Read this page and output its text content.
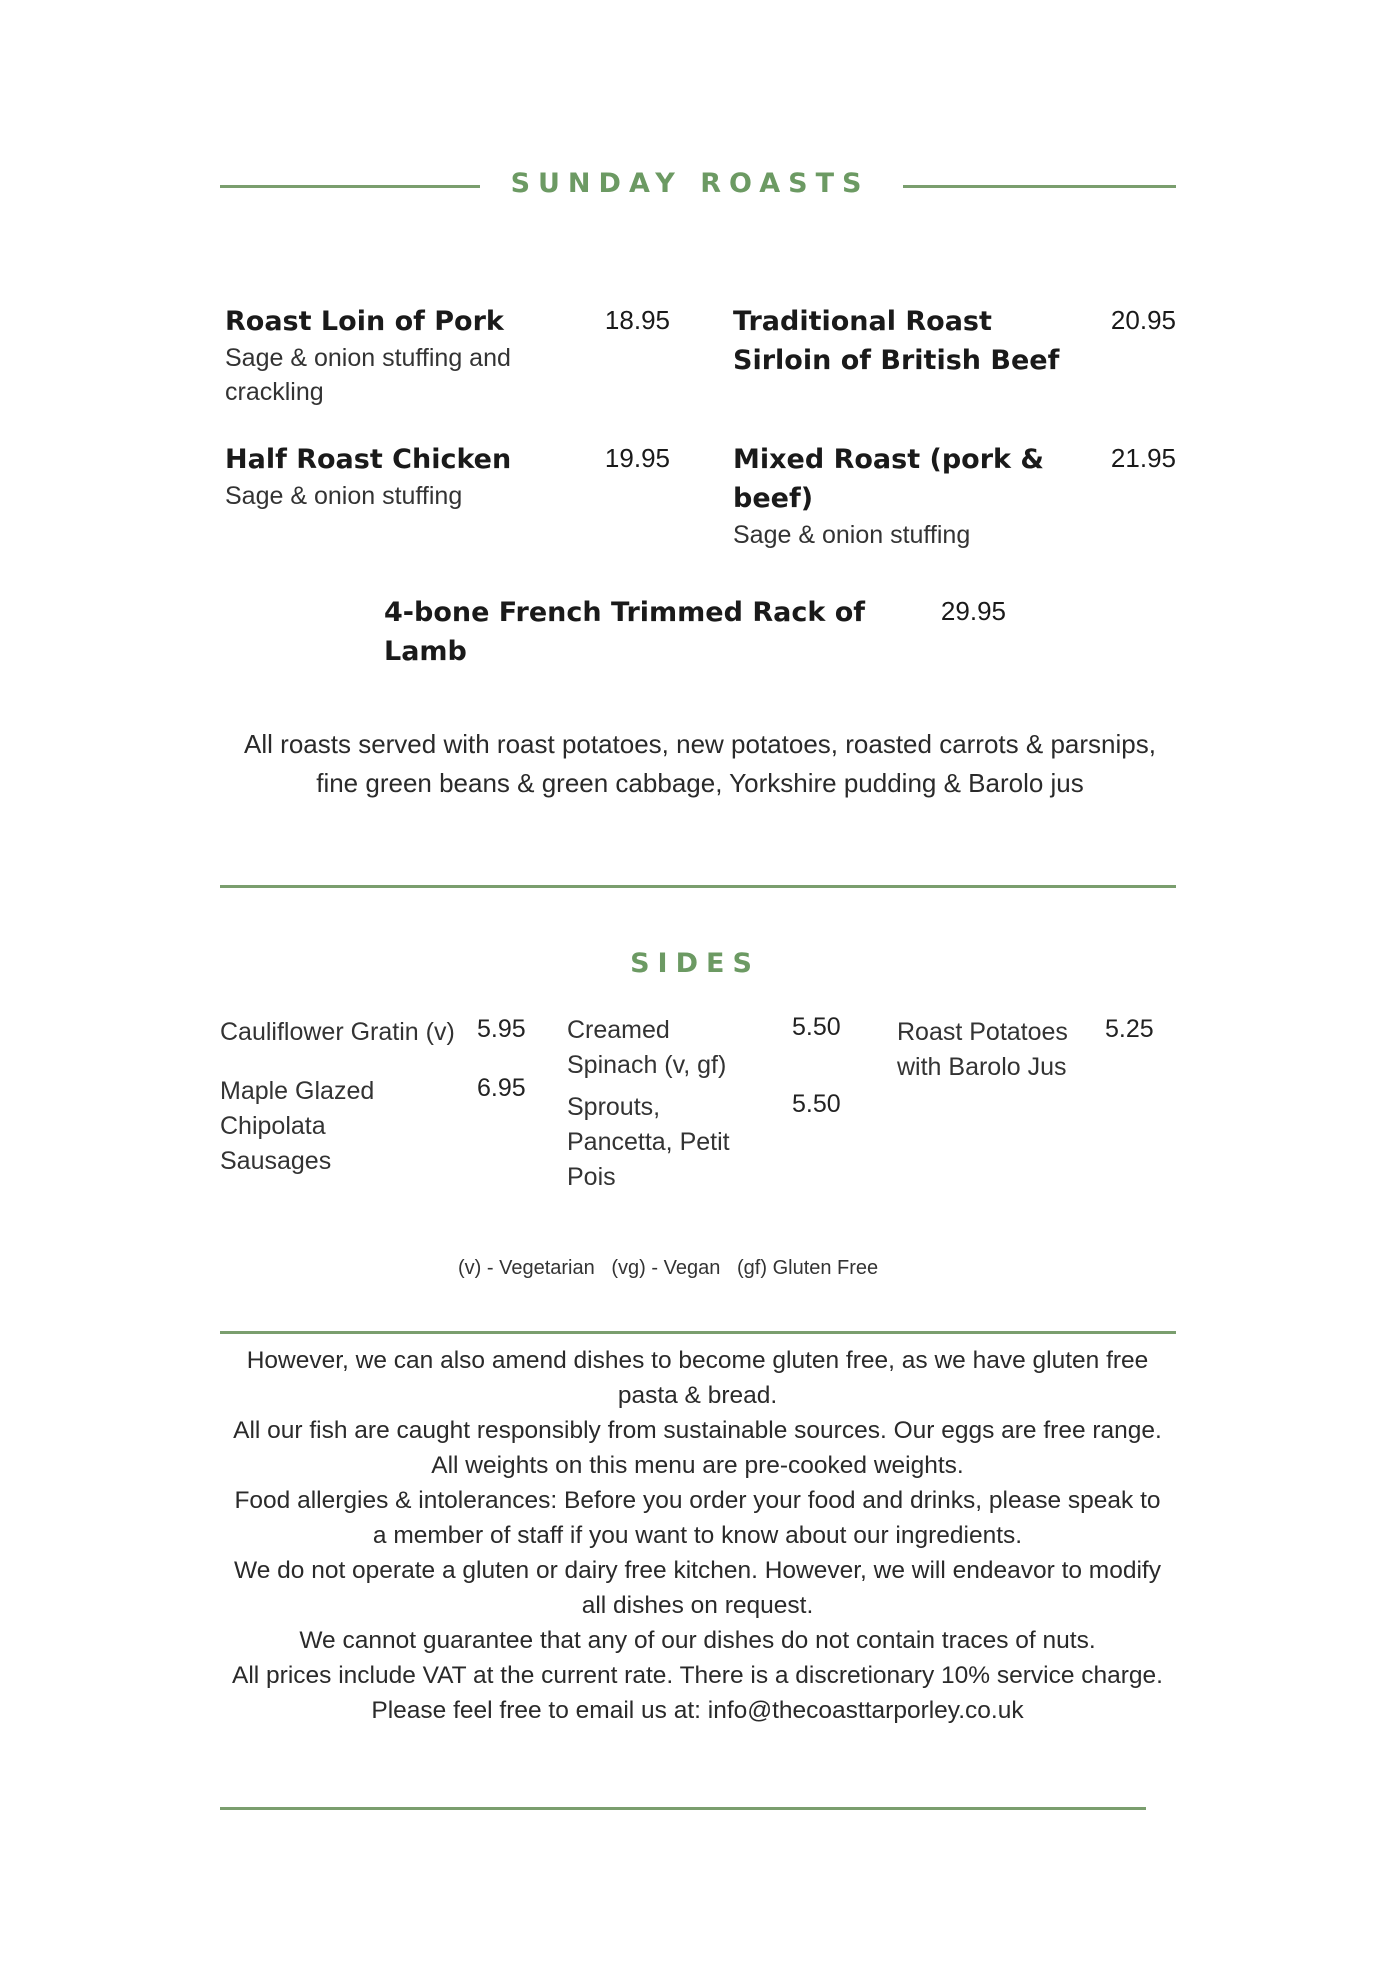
SUNDAY ROASTS
Roast Loin of Pork
Sage & onion stuffing and crackling
18.95 Traditional Roast Sirloin of British Beef
20.95
Half Roast Chicken
Sage & onion stuffing
19.95 Mixed Roast (pork & beef)
Sage & onion stuffing
21.95
4-bone French Trimmed Rack of Lamb
29.95
All roasts served with roast potatoes, new potatoes, roasted carrots & parsnips, fine green beans & green cabbage, Yorkshire pudding & Barolo jus
SIDES
Cauliflower Gratin (v) 5.95
Maple Glazed Chipolata Sausages
6.95
Creamed Spinach (v, gf)
5.50
Sprouts, Pancetta, Petit Pois
5.50
Roast Potatoes with Barolo Jus
5.25
(v) - Vegetarian   (vg) - Vegan   (gf) Gluten Free
However, we can also amend dishes to become gluten free, as we have gluten free pasta & bread.
All our fish are caught responsibly from sustainable sources. Our eggs are free range.
All weights on this menu are pre-cooked weights.
Food allergies & intolerances: Before you order your food and drinks, please speak to a member of staff if you want to know about our ingredients.
We do not operate a gluten or dairy free kitchen. However, we will endeavor to modify all dishes on request.
We cannot guarantee that any of our dishes do not contain traces of nuts.
All prices include VAT at the current rate. There is a discretionary 10% service charge.
Please feel free to email us at: info@thecoasttarporley.co.uk
